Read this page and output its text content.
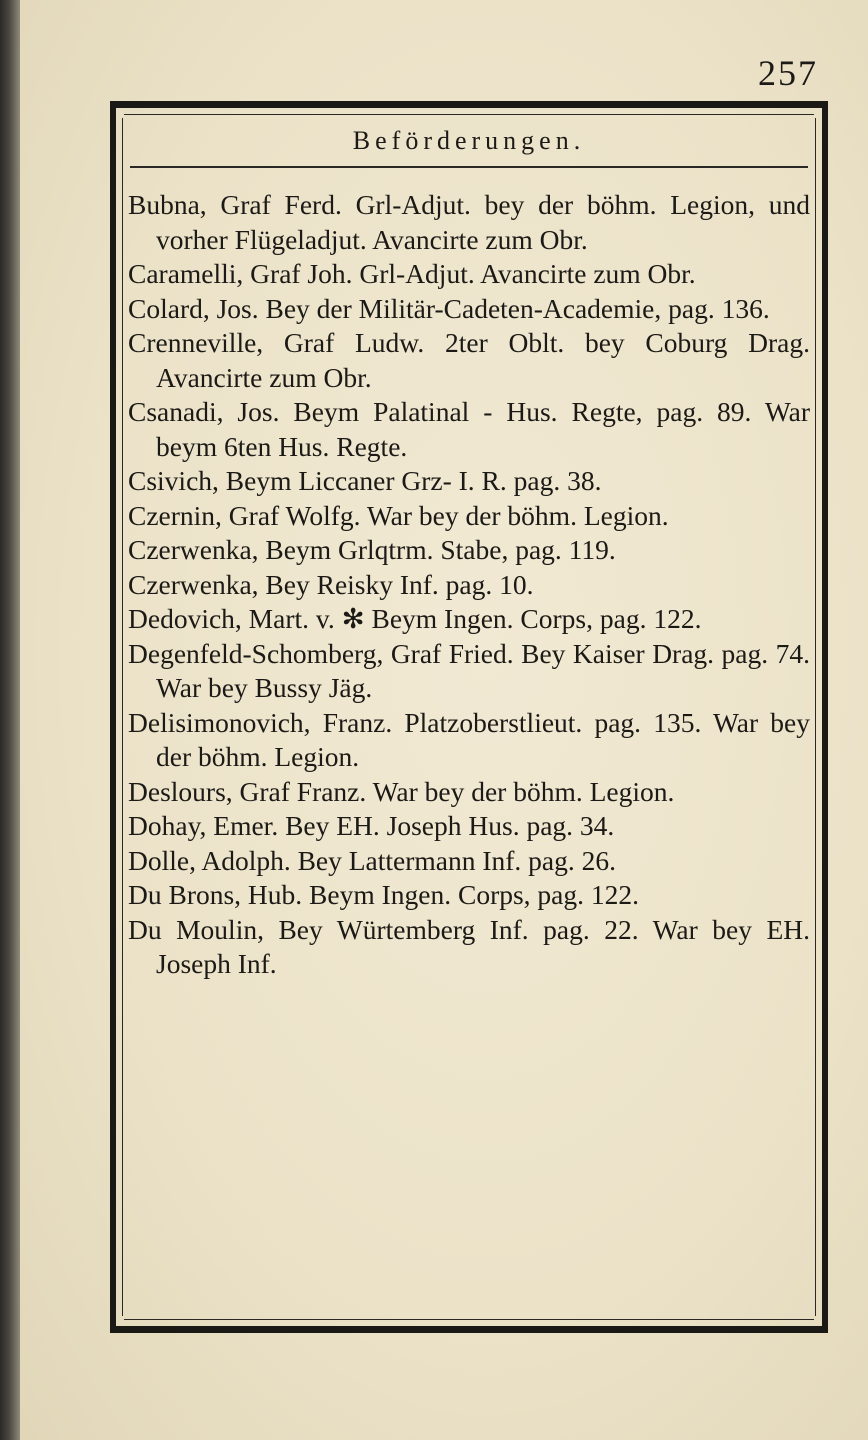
257
Beförderungen.
Bubna, Graf Ferd. Grl-Adjut. bey der böhm. Legion, und vorher Flügeladjut. Avancirte zum Obr.
Caramelli, Graf Joh. Grl-Adjut. Avancirte zum Obr.
Colard, Jos. Bey der Militär-Cadeten-Academie, pag. 136.
Crenneville, Graf Ludw. 2ter Oblt. bey Coburg Drag. Avancirte zum Obr.
Csanadi, Jos. Beym Palatinal - Hus. Regte, pag. 89. War beym 6ten Hus. Regte.
Csivich, Beym Liccaner Grz- I. R. pag. 38.
Czernin, Graf Wolfg. War bey der böhm. Legion.
Czerwenka, Beym Grlqtrm. Stabe, pag. 119.
Czerwenka, Bey Reisky Inf. pag. 10.
Dedovich, Mart. v. ✻ Beym Ingen. Corps, pag. 122.
Degenfeld-Schomberg, Graf Fried. Bey Kaiser Drag. pag. 74. War bey Bussy Jäg.
Delisimonovich, Franz. Platzoberstlieut. pag. 135. War bey der böhm. Legion.
Deslours, Graf Franz. War bey der böhm. Legion.
Dohay, Emer. Bey EH. Joseph Hus. pag. 34.
Dolle, Adolph. Bey Lattermann Inf. pag. 26.
Du Brons, Hub. Beym Ingen. Corps, pag. 122.
Du Moulin, Bey Würtemberg Inf. pag. 22. War bey EH. Joseph Inf.
